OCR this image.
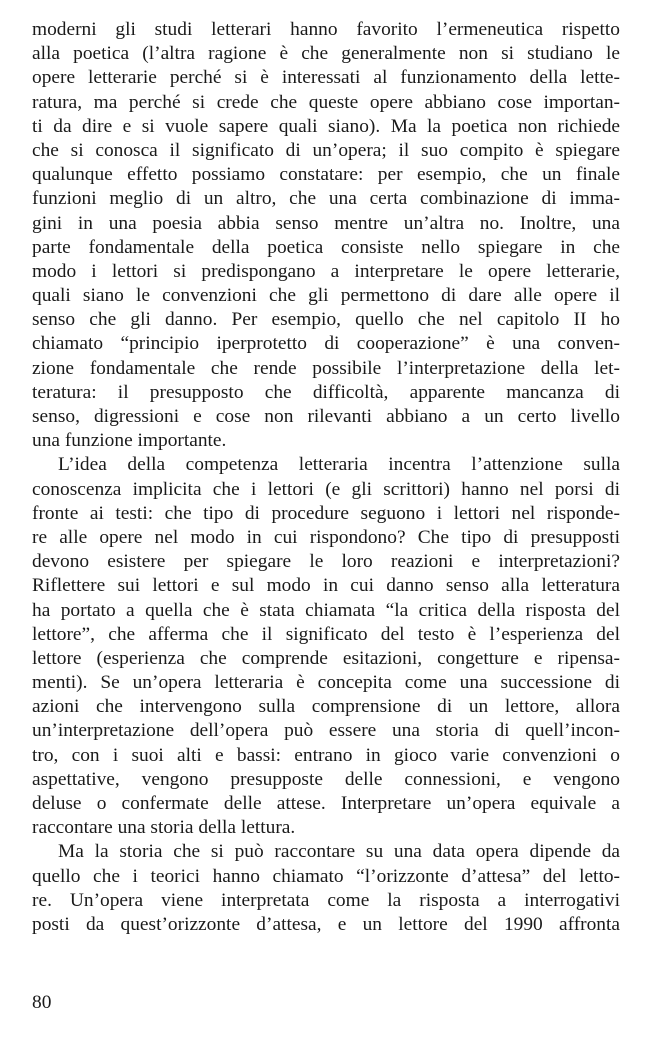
moderni gli studi letterari hanno favorito l’ermeneutica rispetto
alla poetica (l’altra ragione è che generalmente non si studiano le
opere letterarie perché si è interessati al funzionamento della lette-
ratura, ma perché si crede che queste opere abbiano cose importan-
ti da dire e si vuole sapere quali siano). Ma la poetica non richiede
che si conosca il significato di un’opera; il suo compito è spiegare
qualunque effetto possiamo constatare: per esempio, che un finale
funzioni meglio di un altro, che una certa combinazione di imma-
gini in una poesia abbia senso mentre un’altra no. Inoltre, una
parte fondamentale della poetica consiste nello spiegare in che
modo i lettori si predispongano a interpretare le opere letterarie,
quali siano le convenzioni che gli permettono di dare alle opere il
senso che gli danno. Per esempio, quello che nel capitolo II ho
chiamato “principio iperprotetto di cooperazione” è una conven-
zione fondamentale che rende possibile l’interpretazione della let-
teratura: il presupposto che difficoltà, apparente mancanza di
senso, digressioni e cose non rilevanti abbiano a un certo livello
una funzione importante.
L’idea della competenza letteraria incentra l’attenzione sulla
conoscenza implicita che i lettori (e gli scrittori) hanno nel porsi di
fronte ai testi: che tipo di procedure seguono i lettori nel risponde-
re alle opere nel modo in cui rispondono? Che tipo di presupposti
devono esistere per spiegare le loro reazioni e interpretazioni?
Riflettere sui lettori e sul modo in cui danno senso alla letteratura
ha portato a quella che è stata chiamata “la critica della risposta del
lettore”, che afferma che il significato del testo è l’esperienza del
lettore (esperienza che comprende esitazioni, congetture e ripensa-
menti). Se un’opera letteraria è concepita come una successione di
azioni che intervengono sulla comprensione di un lettore, allora
un’interpretazione dell’opera può essere una storia di quell’incon-
tro, con i suoi alti e bassi: entrano in gioco varie convenzioni o
aspettative, vengono presupposte delle connessioni, e vengono
deluse o confermate delle attese. Interpretare un’opera equivale a
raccontare una storia della lettura.
Ma la storia che si può raccontare su una data opera dipende da
quello che i teorici hanno chiamato “l’orizzonte d’attesa” del letto-
re. Un’opera viene interpretata come la risposta a interrogativi
posti da quest’orizzonte d’attesa, e un lettore del 1990 affronta
80
